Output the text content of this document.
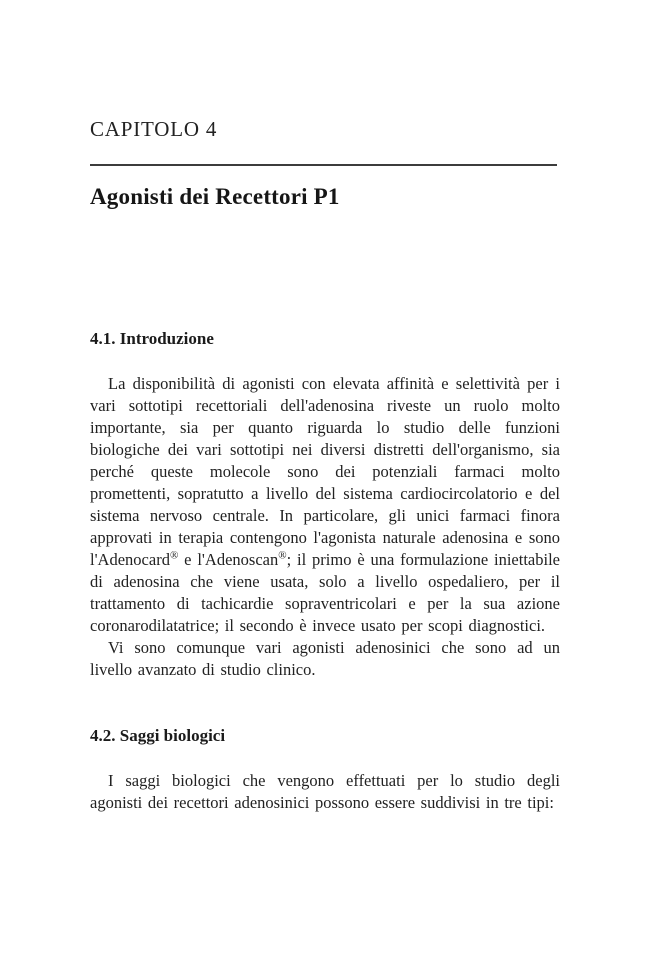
CAPITOLO 4
Agonisti dei Recettori P1
4.1. Introduzione

La disponibilità di agonisti con elevata affinità e selettività per i vari sottotipi recettoriali dell'adenosina riveste un ruolo molto importante, sia per quanto riguarda lo studio delle funzioni biologiche dei vari sottotipi nei diversi distretti dell'organismo, sia perché queste molecole sono dei potenziali farmaci molto promettenti, sopratutto a livello del sistema cardiocircolatorio e del sistema nervoso centrale. In particolare, gli unici farmaci finora approvati in terapia contengono l'agonista naturale adenosina e sono l'Adenocard® e l'Adenoscan®; il primo è una formulazione iniettabile di adenosina che viene usata, solo a livello ospedaliero, per il trattamento di tachicardie sopraventricolari e per la sua azione coronarodilatatrice; il secondo è invece usato per scopi diagnostici.

Vi sono comunque vari agonisti adenosinici che sono ad un livello avanzato di studio clinico.

4.2. Saggi biologici

I saggi biologici che vengono effettuati per lo studio degli agonisti dei recettori adenosinici possono essere suddivisi in tre tipi:
